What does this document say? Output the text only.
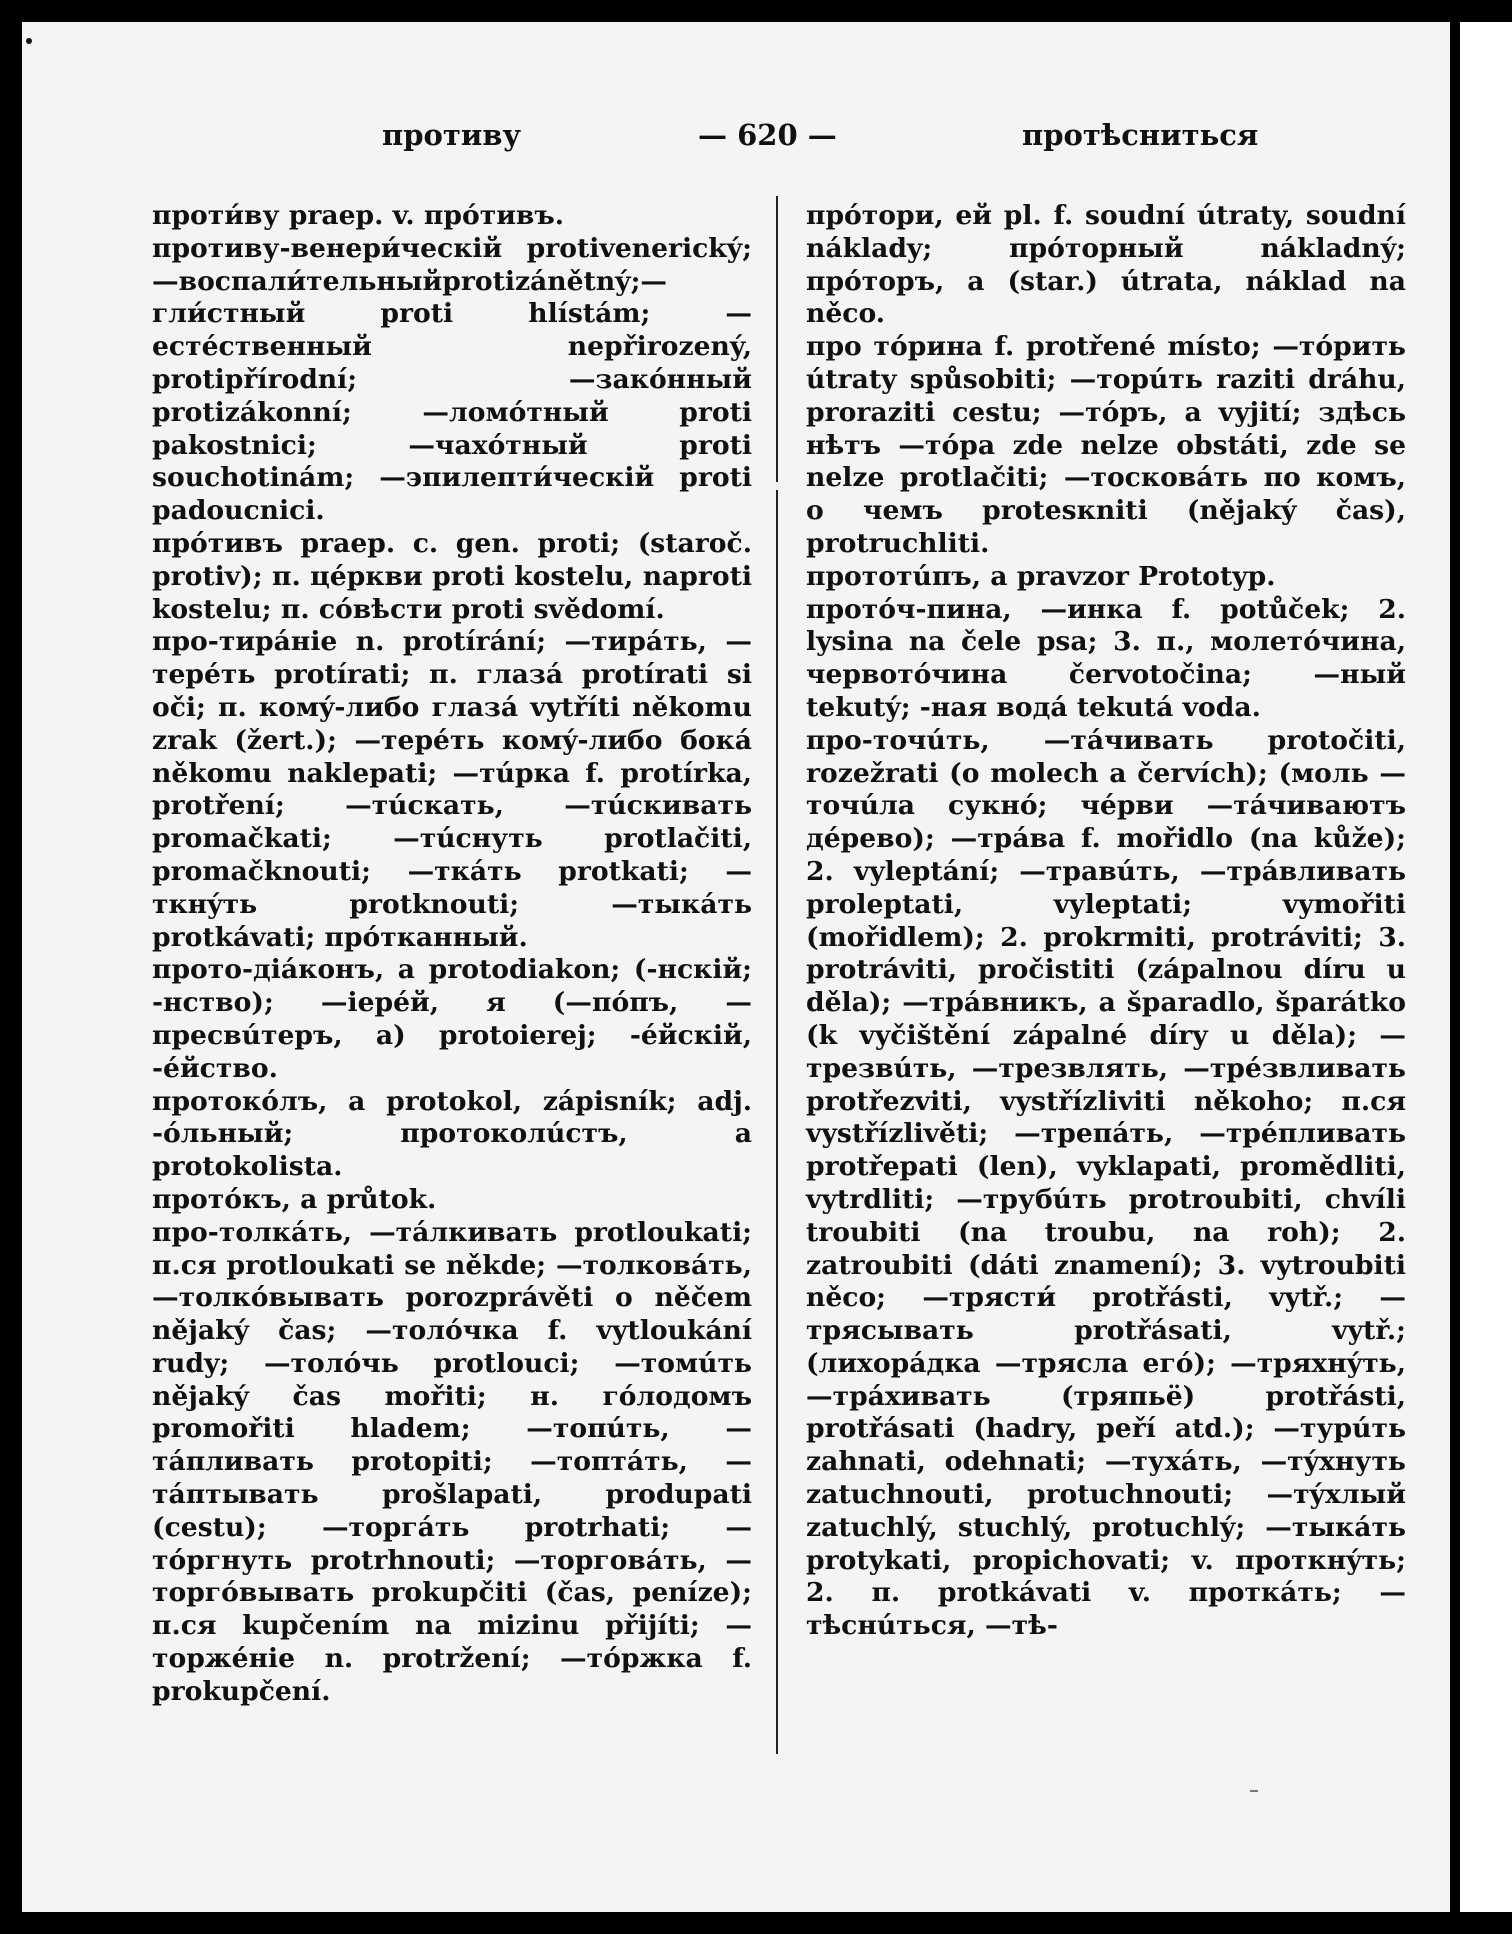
противу	— 620 —	протѣсниться

проти́ву praep. v. про́тивъ.

противу-венери́ческій protivenerický; —воспали́тельныйprotizánětný;—гли́стный proti hlístám; —естéственный nepřirozený, protipřírodní; —закóнный protizákonní; —ломóтный proti pakostnici; —чахóтный proti souchotinám; —эпилепти́ческій proti padoucnici.

прóтивъ praep. c. gen. proti; (staroč. protiv); п. цéркви proti kostelu, naproti kostelu; п. сóвѣсти proti svědomí.

про-тирáніе n. protírání; —тирáть, —терéть protírati; п. глазá protírati si oči; п. комý-либо глазá vytříti někomu zrak (žert.); —терéть комý-либо бокá někomu naklepati; —тúрка f. protírka, protření; —тúскать, —тúскивать promačkati; —тúснуть protlačiti, promačknouti; —ткáть protkati; —ткнýть protknouti; —тыкáть protkávati; прóтканный.

прото-діáконъ, a protodiakon; (-нскій; -нство); —ieрéй, я (—пóпъ, —пресвúтеръ, a) protoierej; -éйскій, -éйство.

протокóлъ, a protokol, zápisník; adj. -óльный; протоколúстъ, a protokolista.

протóкъ, a průtok.

про-толкáть, —тáлкивать protloukati; п.ся protloukati se někde; —толковáть, —толкóвывать porozprávěti o něčem nějaký čas; —толóчка f. vytloukání rudy; —толóчь protlouci; —томúть nějaký čas mořiti; н. гóлодомъ promořiti hladem; —топúть, —тáпливать protopiti; —топтáть, —тáптывать prošlapati, produpati (cestu); —торгáть protrhati; —тóргнуть protrhnouti; —торговáть, —торгóвывать prokupčiti (čas, peníze); п.ся kupčením na mizinu přijíti; —торжéніе n. protržení; —тóржка f. prokupčení.

прóтори, ей pl. f. soudní útraty, soudní náklady; прóторный nákladný; прóторъ, a (star.) útrata, náklad na něco.

про тóрина f. protřené místo; —тóрить útraty spůsobiti; —торúть raziti dráhu, proraziti cestu; —тóръ, a vyjití; здѣсь нѣтъ —тóра zde nelze obstáti, zde se nelze protlačiti; —тосковáть по комъ, o чемъ protesкniti (nějaký čas), protruchliti.

прототúпъ, a pravzor Prototyp.

протóч-пина, —инка f. potůček; 2. lysina na čele psa; 3. п., молетóчина, червотóчина červotočina; —ный tekutý; -ная водá tekutá voda.

про-точúть, —тáчивать protočiti, rozežrati (o molech a červích); (моль —точúла сукнó; чéрви —тáчиваютъ дéрево); —трáва f. mořidlo (na kůže); 2. vyleptání; —травúть, —трáвливать proleptati, vyleptati; vymořiti (mořidlem); 2. prokrmiti, protráviti; 3. protráviti, pročistiti (zápalnou díru u děla); —трáвникъ, a šparadlo, šparátko (k vyčištění zápalné díry u děla); —трезвúть, —трезвлять, —трéзвливать protřezviti, vystřízliviti někoho; п.ся vystřízlivěti; —трепáть, —трéпливать protřepati (len), vyklapati, promědliti, vytrdliti; —трубúть protroubiti, chvíli troubiti (na troubu, na roh); 2. zatroubiti (dáti znamení); 3. vytroubiti něco; —трясти́ protřásti, vytř.; —трясывать protřásati, vytř.; (лихорáдка —трясла егó); —тряхнýть, —трáхивать (тряпьё) protřásti, protřásati (hadry, peří atd.); —турúть zahnati, odehnati; —тухáть, —тýхнуть zatuchnouti, protuchnouti; —тýхлый zatuchlý, stuchlý, protuchlý; —тыкáть protykati, propichovati; v. проткнýть; 2. п. protkávati v. проткáть; —тѣснúться, —тѣ-
